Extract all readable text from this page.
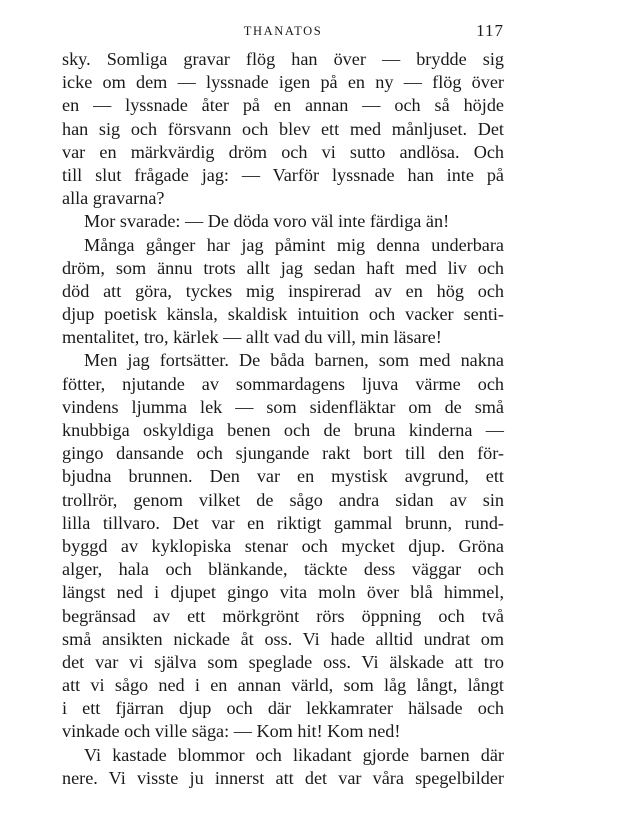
THANATOS	117
sky. Somliga gravar flög han över — brydde sig
icke om dem — lyssnade igen på en ny — flög över
en — lyssnade åter på en annan — och så höjde
han sig och försvann och blev ett med månljuset. Det
var en märkvärdig dröm och vi sutto andlösa. Och
till slut frågade jag: — Varför lyssnade han inte på
alla gravarna?
Mor svarade: — De döda voro väl inte färdiga än!
Många gånger har jag påmint mig denna underbara
dröm, som ännu trots allt jag sedan haft med liv och
död att göra, tyckes mig inspirerad av en hög och
djup poetisk känsla, skaldisk intuition och vacker senti-
mentalitet, tro, kärlek — allt vad du vill, min läsare!
Men jag fortsätter. De båda barnen, som med nakna
fötter, njutande av sommardagens ljuva värme och
vindens ljumma lek — som sidenfläktar om de små
knubbiga oskyldiga benen och de bruna kinderna —
gingo dansande och sjungande rakt bort till den för-
bjudna brunnen. Den var en mystisk avgrund, ett
trollrör, genom vilket de sågo andra sidan av sin
lilla tillvaro. Det var en riktigt gammal brunn, rund-
byggd av kyklopiska stenar och mycket djup. Gröna
alger, hala och blänkande, täckte dess väggar och
längst ned i djupet gingo vita moln över blå himmel,
begränsad av ett mörkgrönt rörs öppning och två
små ansikten nickade åt oss. Vi hade alltid undrat om
det var vi själva som speglade oss. Vi älskade att tro
att vi sågo ned i en annan värld, som låg långt, långt
i ett fjärran djup och där lekkamrater hälsade och
vinkade och ville säga: — Kom hit! Kom ned!
Vi kastade blommor och likadant gjorde barnen där
nere. Vi visste ju innerst att det var våra spegelbilder
